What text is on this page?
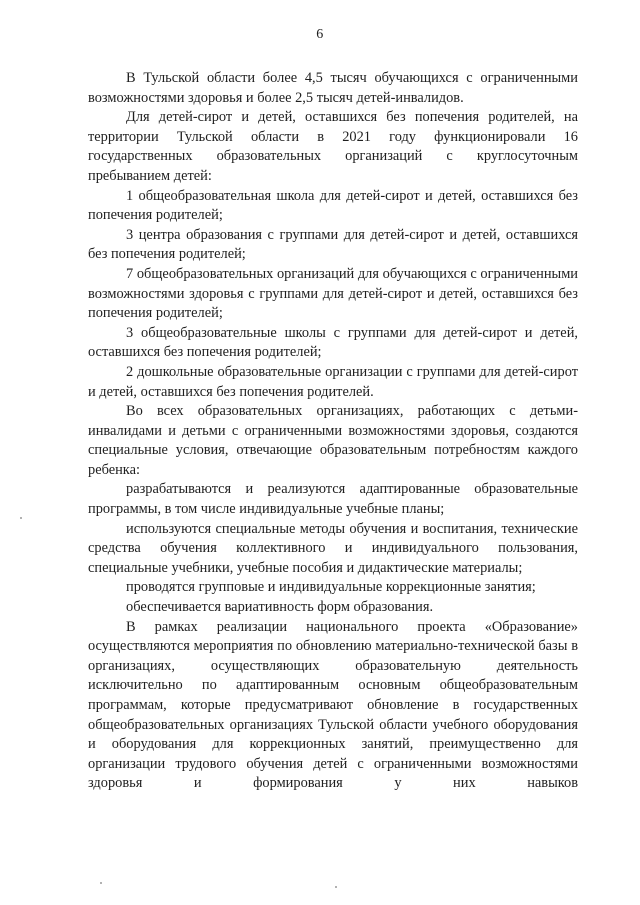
6

В Тульской области более 4,5 тысяч обучающихся с ограниченными возможностями здоровья и более 2,5 тысяч детей-инвалидов.

Для детей-сирот и детей, оставшихся без попечения родителей, на территории Тульской области в 2021 году функционировали 16 государственных образовательных организаций с круглосуточным пребыванием детей:

1 общеобразовательная школа для детей-сирот и детей, оставшихся без попечения родителей;

3 центра образования с группами для детей-сирот и детей, оставшихся без попечения родителей;

7 общеобразовательных организаций для обучающихся с ограниченными возможностями здоровья с группами для детей-сирот и детей, оставшихся без попечения родителей;

3 общеобразовательные школы с группами для детей-сирот и детей, оставшихся без попечения родителей;

2 дошкольные образовательные организации с группами для детей-сирот и детей, оставшихся без попечения родителей.

Во всех образовательных организациях, работающих с детьми-инвалидами и детьми с ограниченными возможностями здоровья, создаются специальные условия, отвечающие образовательным потребностям каждого ребенка:

разрабатываются и реализуются адаптированные образовательные программы, в том числе индивидуальные учебные планы;

используются специальные методы обучения и воспитания, технические средства обучения коллективного и индивидуального пользования, специальные учебники, учебные пособия и дидактические материалы;

проводятся групповые и индивидуальные коррекционные занятия;

обеспечивается вариативность форм образования.

В рамках реализации национального проекта «Образование» осуществляются мероприятия по обновлению материально-технической базы в организациях, осуществляющих образовательную деятельность исключительно по адаптированным основным общеобразовательным программам, которые предусматривают обновление в государственных общеобразовательных организациях Тульской области учебного оборудования и оборудования для коррекционных занятий, преимущественно для организации трудового обучения детей с ограниченными возможностями здоровья и формирования у них навыков
